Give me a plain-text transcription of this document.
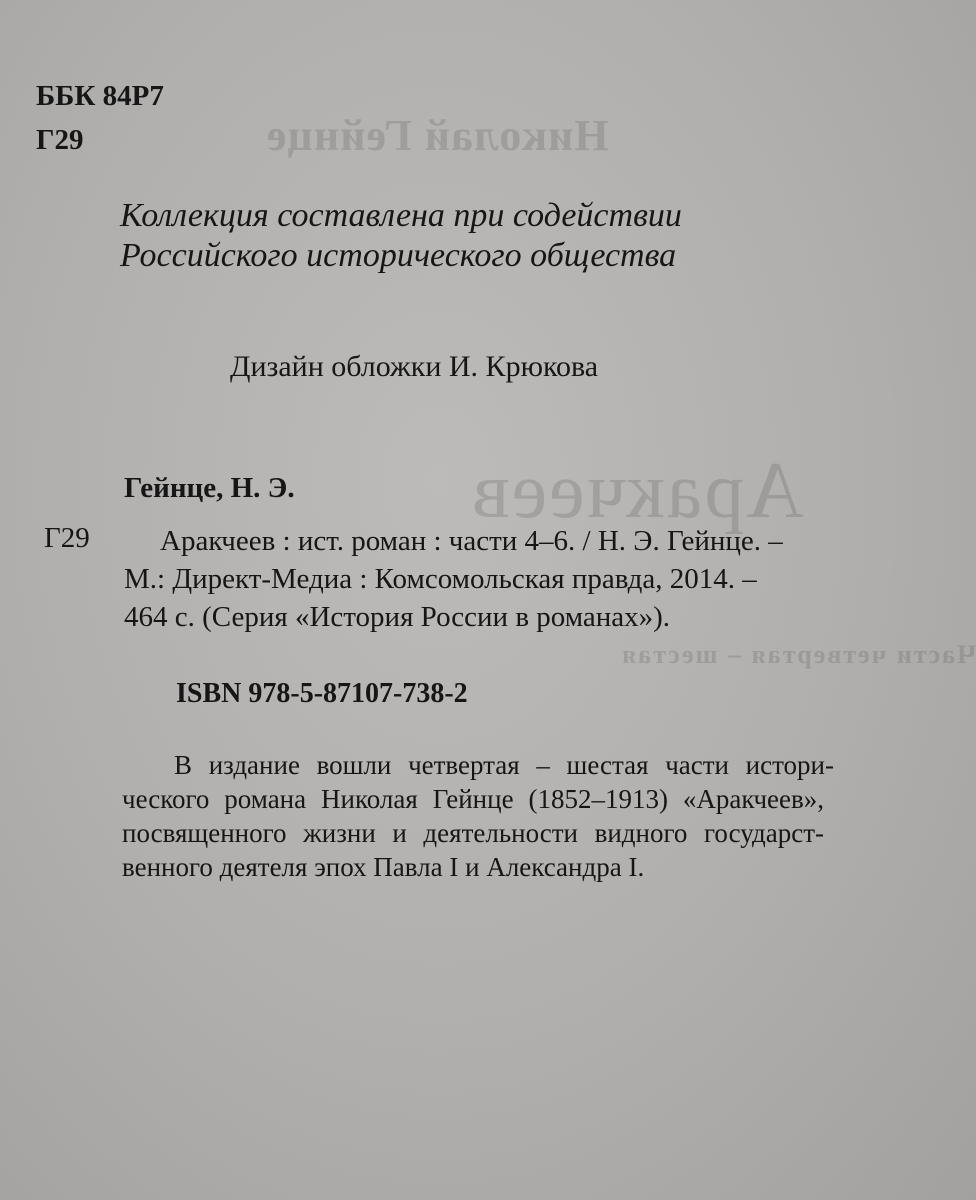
Николай Гейнце
Аракчеев
Части четвертая – шестая
ББК 84Р7
Г29
Коллекция составлена при содействии
Российского исторического общества
Дизайн обложки И. Крюкова
Гейнце, Н. Э.
Г29 Аракчеев : ист. роман : части 4–6. / Н. Э. Гейнце. –
М.: Директ-Медиа : Комсомольская правда, 2014. –
464 с. (Серия «История России в романах»).
ISBN 978-5-87107-738-2
В издание вошли четвертая – шестая части истори-
ческого романа Николая Гейнце (1852–1913) «Аракчеев»,
посвященного жизни и деятельности видного государст-
венного деятеля эпох Павла I и Александра I.
